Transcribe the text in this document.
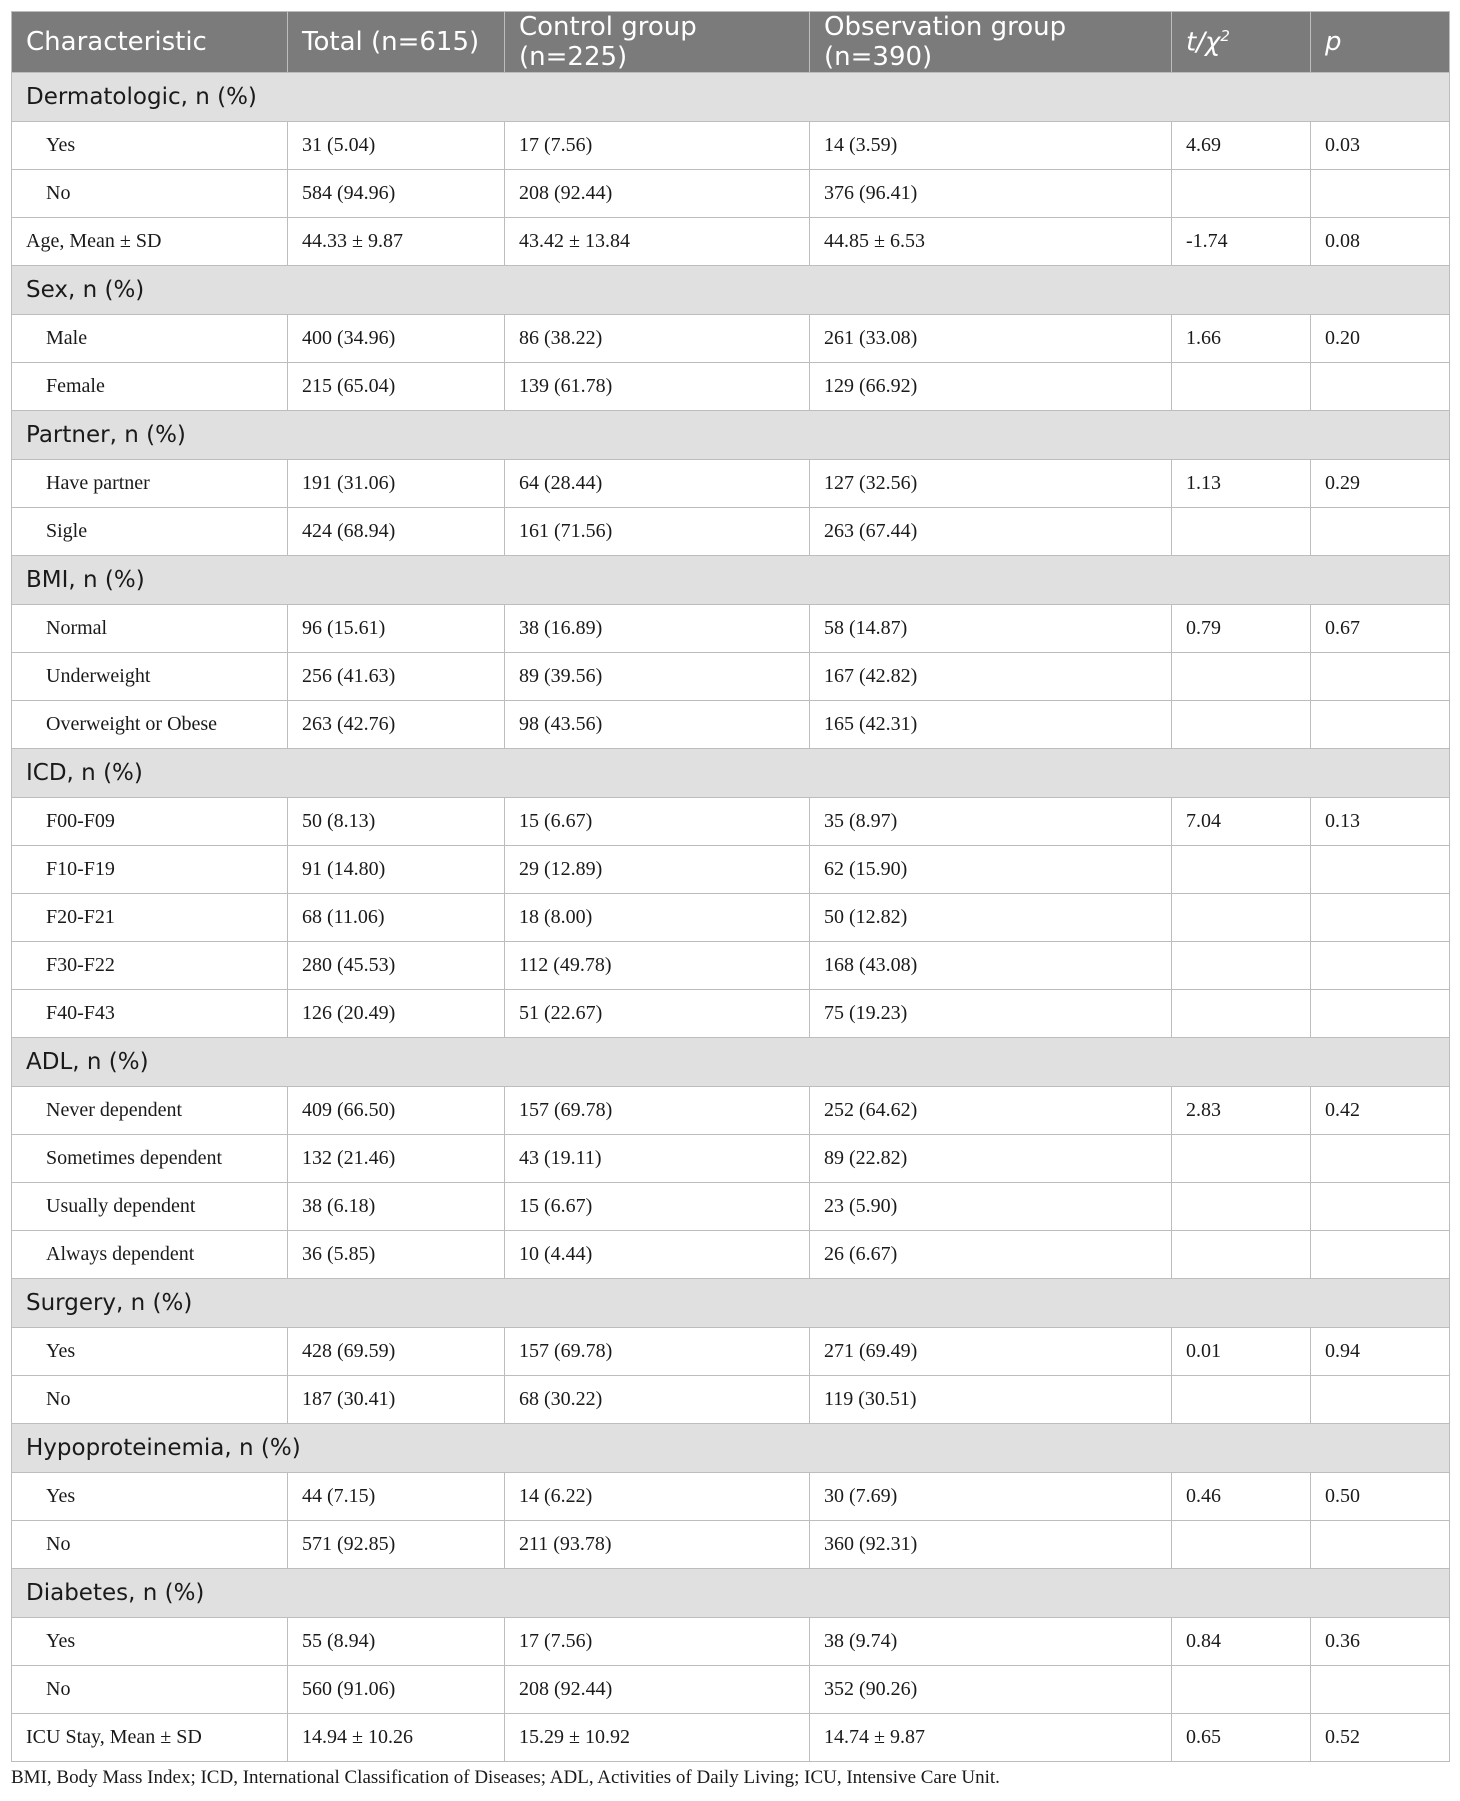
Characteristic	Total (n=615)	Control group (n=225)	Observation group (n=390)	$t/\chi^2$	p
Dermatologic, n (%)					
Yes	31 (5.04)	17 (7.56)	14 (3.59)	4.69	0.03
No	584 (94.96)	208 (92.44)	376 (96.41)		
Age, Mean ± SD	44.33 ± 9.87	43.42 ± 13.84	44.85 ± 6.53	-1.74	0.08
Sex, n (%)					
Male	400 (34.96)	86 (38.22)	261 (33.08)	1.66	0.20
Female	215 (65.04)	139 (61.78)	129 (66.92)		
Partner, n (%)					
Have partner	191 (31.06)	64 (28.44)	127 (32.56)	1.13	0.29
Sigle	424 (68.94)	161 (71.56)	263 (67.44)		
BMI, n (%)					
Normal	96 (15.61)	38 (16.89)	58 (14.87)	0.79	0.67
Underweight	256 (41.63)	89 (39.56)	167 (42.82)		
Overweight or Obese	263 (42.76)	98 (43.56)	165 (42.31)		
ICD, n (%)					
F00-F09	50 (8.13)	15 (6.67)	35 (8.97)	7.04	0.13
F10-F19	91 (14.80)	29 (12.89)	62 (15.90)		
F20-F21	68 (11.06)	18 (8.00)	50 (12.82)		
F30-F22	280 (45.53)	112 (49.78)	168 (43.08)		
F40-F43	126 (20.49)	51 (22.67)	75 (19.23)		
ADL, n (%)					
Never dependent	409 (66.50)	157 (69.78)	252 (64.62)	2.83	0.42
Sometimes dependent	132 (21.46)	43 (19.11)	89 (22.82)		
Usually dependent	38 (6.18)	15 (6.67)	23 (5.90)		
Always dependent	36 (5.85)	10 (4.44)	26 (6.67)		
Surgery, n (%)					
Yes	428 (69.59)	157 (69.78)	271 (69.49)	0.01	0.94
No	187 (30.41)	68 (30.22)	119 (30.51)		
Hypoproteinemia, n (%)					
Yes	44 (7.15)	14 (6.22)	30 (7.69)	0.46	0.50
No	571 (92.85)	211 (93.78)	360 (92.31)		
Diabetes, n (%)					
Yes	55 (8.94)	17 (7.56)	38 (9.74)	0.84	0.36
No	560 (91.06)	208 (92.44)	352 (90.26)		
ICU Stay, Mean ± SD	14.94 ± 10.26	15.29 ± 10.92	14.74 ± 9.87	0.65	0.52
BMI, Body Mass Index; ICD, International Classification of Diseases; ADL, Activities of Daily Living; ICU, Intensive Care Unit.
